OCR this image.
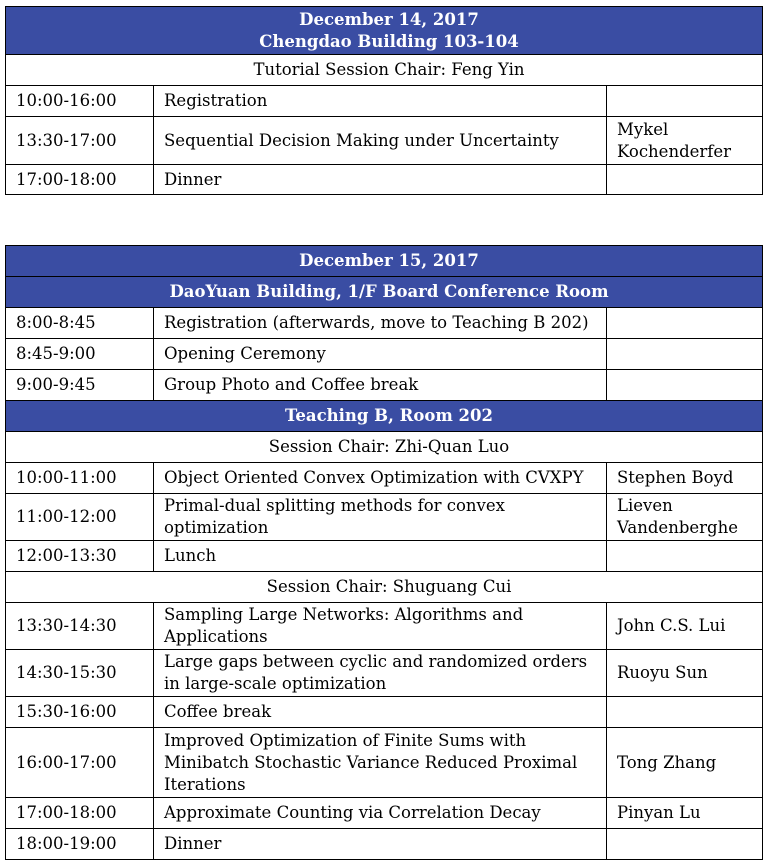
December 14, 2017
Chengdao Building 103-104		

Tutorial Session Chair: Feng Yin		
10:00-16:00	Registration	
13:30-17:00	Sequential Decision Making under Uncertainty	Mykel Kochenderfer
17:00-18:00	Dinner	
December 15, 2017		
DaoYuan Building, 1/F Board Conference Room		
8:00-8:45	Registration (afterwards, move to Teaching B 202)	
8:45-9:00	Opening Ceremony	
9:00-9:45	Group Photo and Coffee break	
Teaching B, Room 202		
Session Chair: Zhi-Quan Luo		
10:00-11:00	Object Oriented Convex Optimization with CVXPY	Stephen Boyd
11:00-12:00	Primal-dual splitting methods for convex optimization	Lieven Vandenberghe
12:00-13:30	Lunch	
Session Chair: Shuguang Cui		
13:30-14:30	Sampling Large Networks: Algorithms and Applications	John C.S. Lui
14:30-15:30	Large gaps between cyclic and randomized orders in large-scale optimization	Ruoyu Sun
15:30-16:00	Coffee break	
16:00-17:00	Improved Optimization of Finite Sums with Minibatch Stochastic Variance Reduced Proximal Iterations	Tong Zhang
17:00-18:00	Approximate Counting via Correlation Decay	Pinyan Lu
18:00-19:00	Dinner	
